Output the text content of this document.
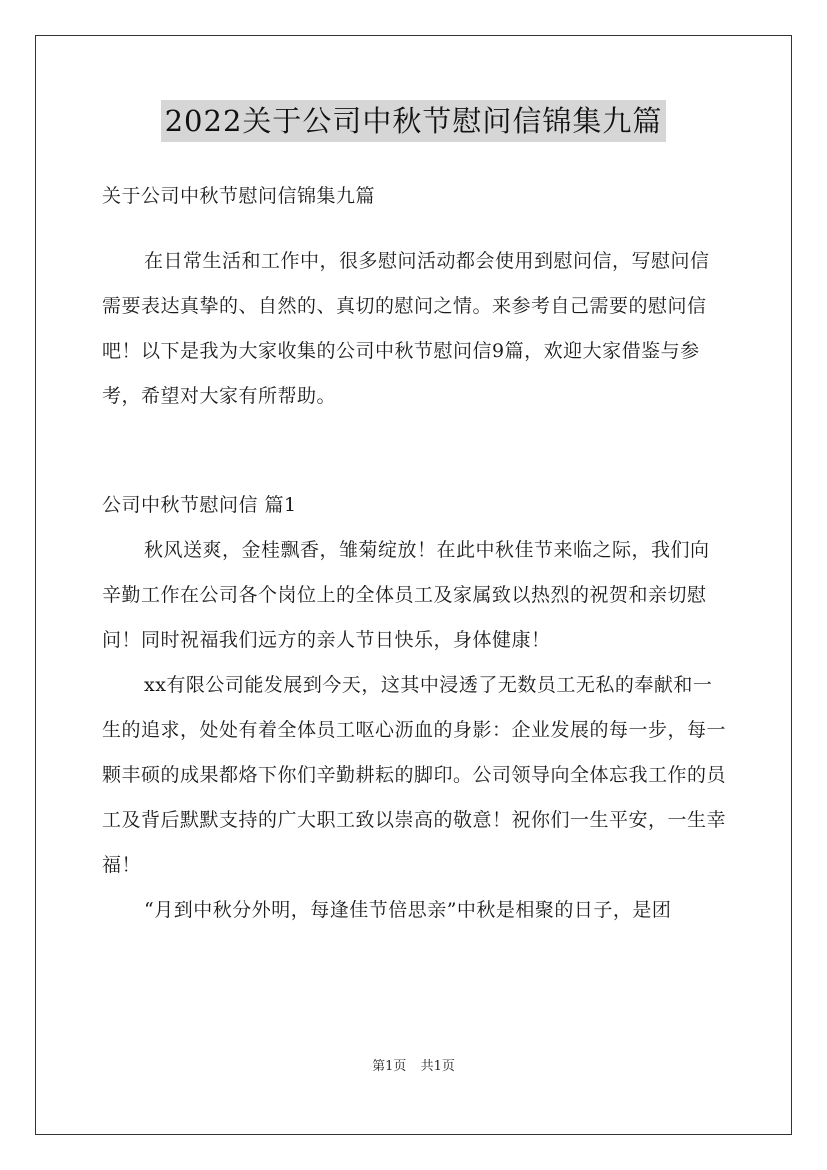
2022关于公司中秋节慰问信锦集九篇

关于公司中秋节慰问信锦集九篇

在日常生活和工作中，很多慰问活动都会使用到慰问信，写慰问信需要表达真挚的、自然的、真切的慰问之情。来参考自己需要的慰问信吧！以下是我为大家收集的公司中秋节慰问信9篇，欢迎大家借鉴与参考，希望对大家有所帮助。

公司中秋节慰问信 篇1

秋风送爽，金桂飘香，雏菊绽放！在此中秋佳节来临之际，我们向辛勤工作在公司各个岗位上的全体员工及家属致以热烈的祝贺和亲切慰问！同时祝福我们远方的亲人节日快乐，身体健康！

xx有限公司能发展到今天，这其中浸透了无数员工无私的奉献和一生的追求，处处有着全体员工呕心沥血的身影：企业发展的每一步，每一颗丰硕的成果都烙下你们辛勤耕耘的脚印。公司领导向全体忘我工作的员工及背后默默支持的广大职工致以崇高的敬意！祝你们一生平安，一生幸福！

“月到中秋分外明，每逢佳节倍思亲”中秋是相聚的日子，是团

第1页 共1页
